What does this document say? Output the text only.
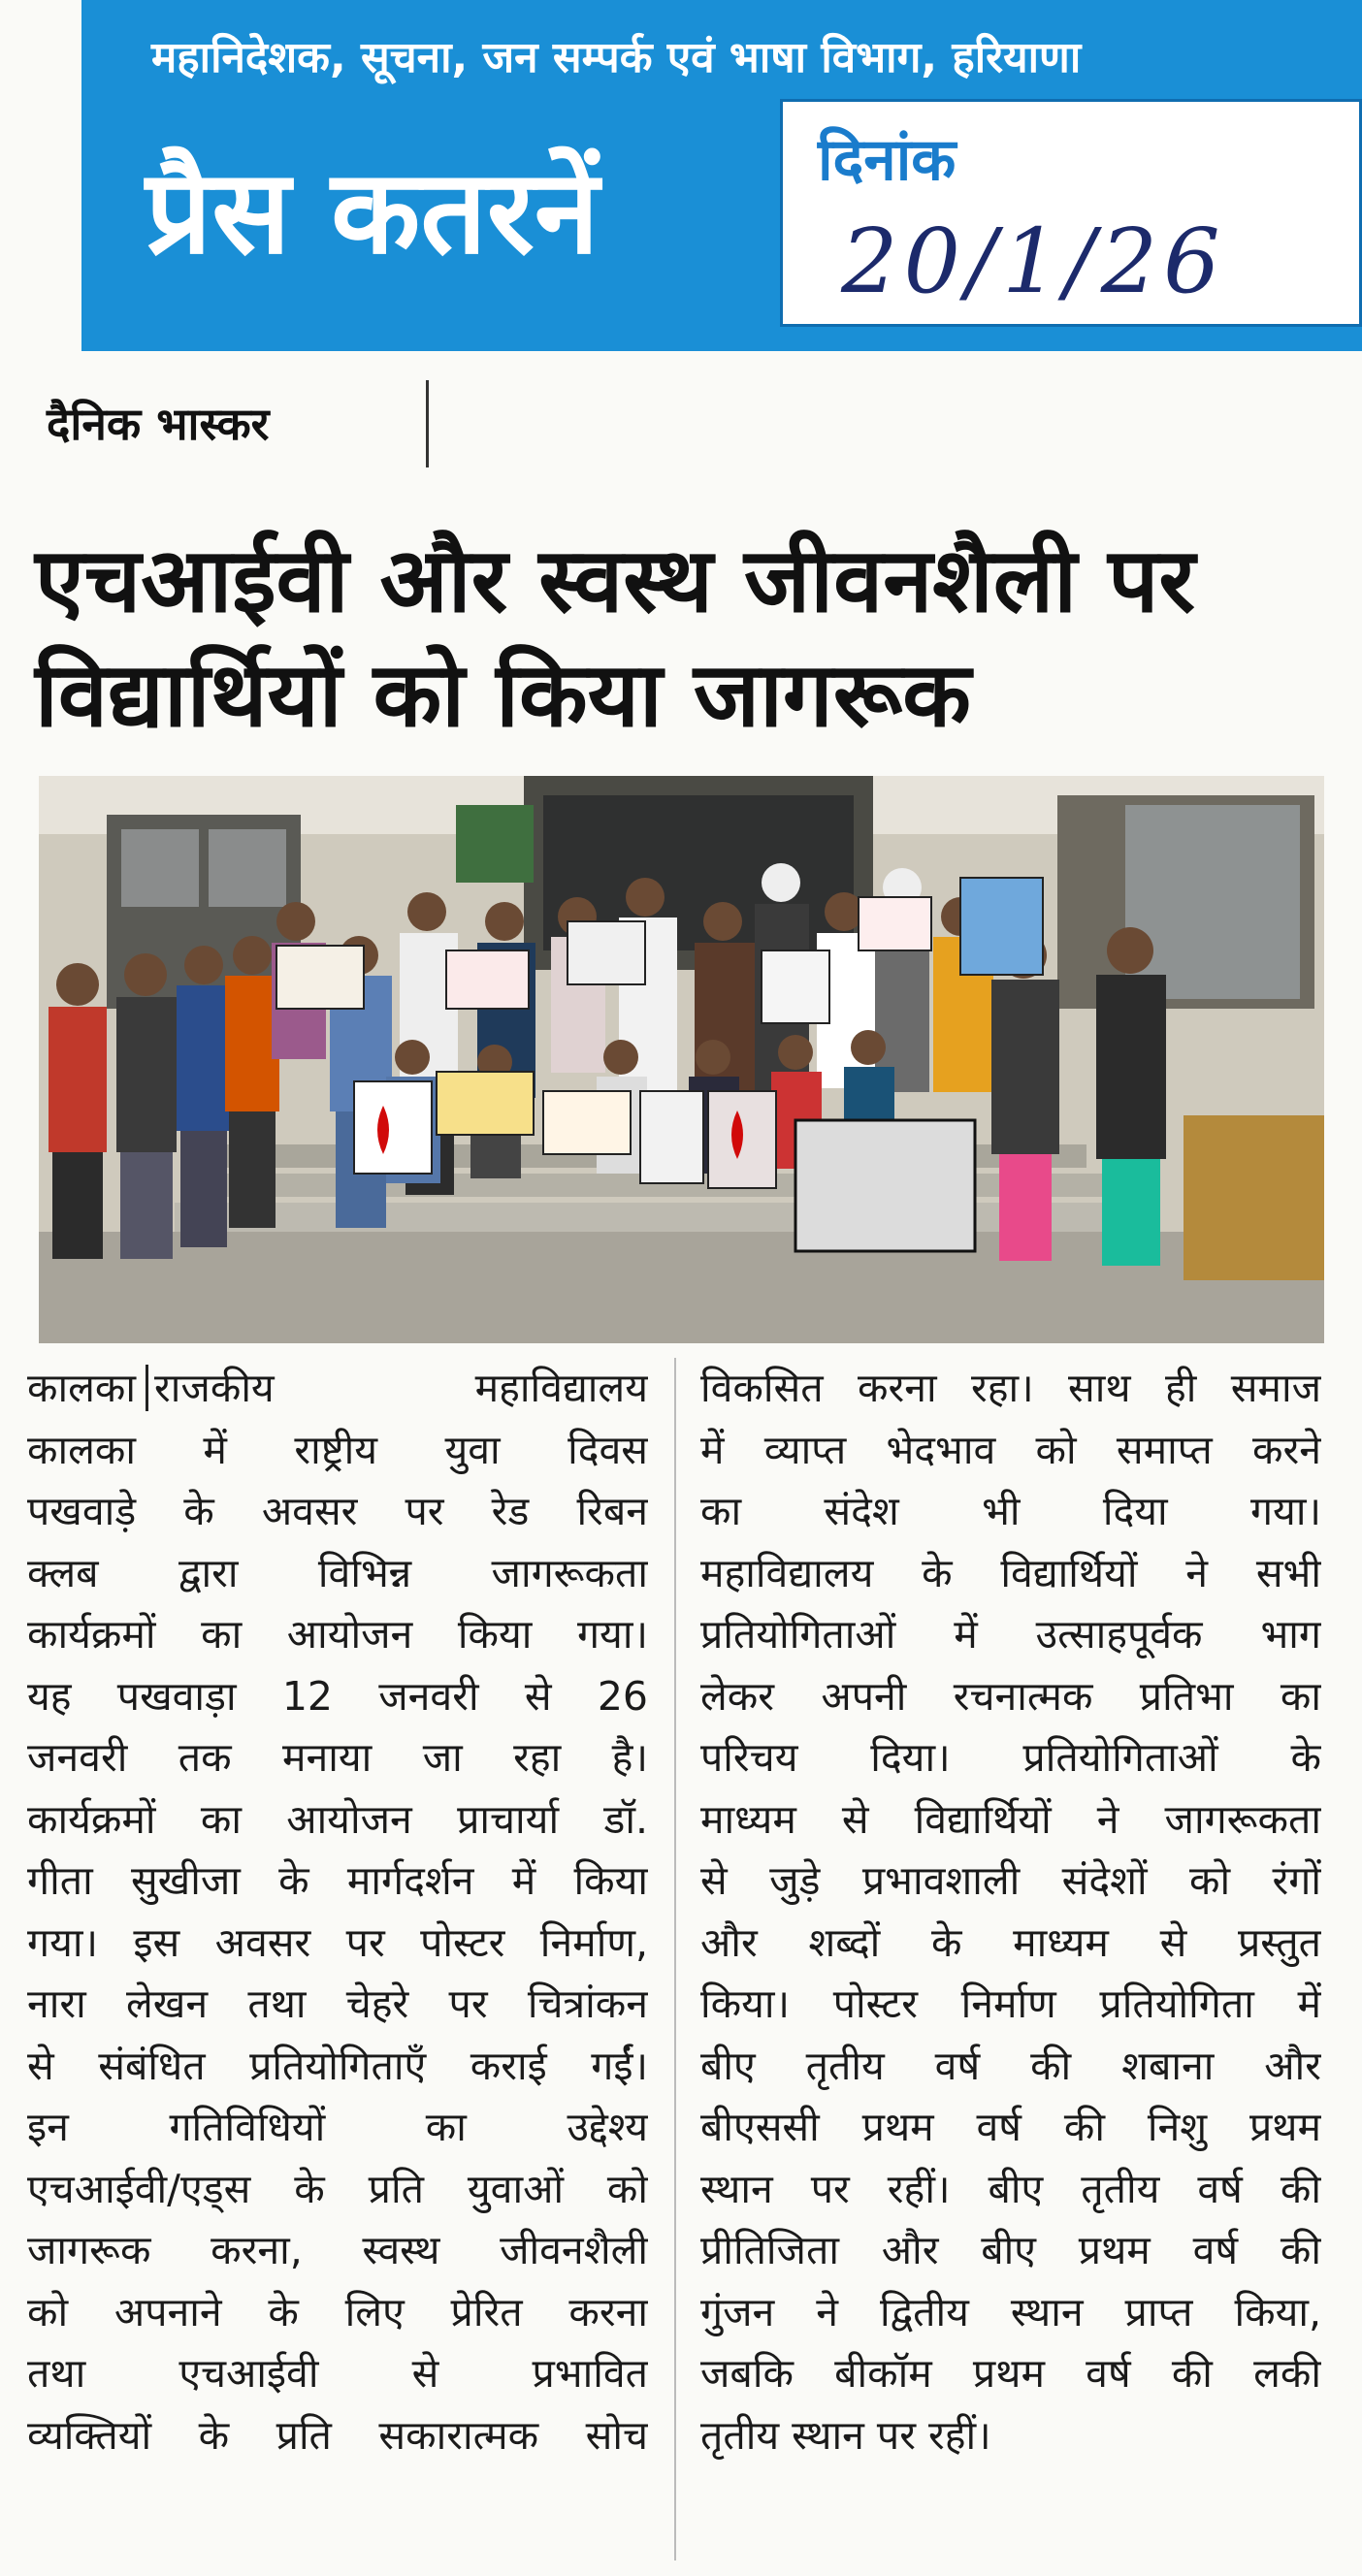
महानिदेशक, सूचना, जन सम्पर्क एवं भाषा विभाग, हरियाणा
प्रैस कतरनें	दिनांक
20/1/26
दैनिक भास्कर
एचआईवी और स्वस्थ जीवनशैली पर
विद्यार्थियों को किया जागरूक
कालका राजकीय महाविद्यालय
कालका में राष्ट्रीय युवा दिवस
पखवाड़े के अवसर पर रेड रिबन
क्लब द्वारा विभिन्न जागरूकता
कार्यक्रमों का आयोजन किया गया।
यह पखवाड़ा 12 जनवरी से 26
जनवरी तक मनाया जा रहा है।
कार्यक्रमों का आयोजन प्राचार्या डॉ.
गीता सुखीजा के मार्गदर्शन में किया
गया। इस अवसर पर पोस्टर निर्माण,
नारा लेखन तथा चेहरे पर चित्रांकन
से संबंधित प्रतियोगिताएँ कराई गईं।
इन गतिविधियों का उद्देश्य
एचआईवी/एड्स के प्रति युवाओं को
जागरूक करना, स्वस्थ जीवनशैली
को अपनाने के लिए प्रेरित करना
तथा एचआईवी से प्रभावित
व्यक्तियों के प्रति सकारात्मक सोच
विकसित करना रहा। साथ ही समाज
में व्याप्त भेदभाव को समाप्त करने
का संदेश भी दिया गया।
महाविद्यालय के विद्यार्थियों ने सभी
प्रतियोगिताओं में उत्साहपूर्वक भाग
लेकर अपनी रचनात्मक प्रतिभा का
परिचय दिया। प्रतियोगिताओं के
माध्यम से विद्यार्थियों ने जागरूकता
से जुड़े प्रभावशाली संदेशों को रंगों
और शब्दों के माध्यम से प्रस्तुत
किया। पोस्टर निर्माण प्रतियोगिता में
बीए तृतीय वर्ष की शबाना और
बीएससी प्रथम वर्ष की निशु प्रथम
स्थान पर रहीं। बीए तृतीय वर्ष की
प्रीतिजिता और बीए प्रथम वर्ष की
गुंजन ने द्वितीय स्थान प्राप्त किया,
जबकि बीकॉम प्रथम वर्ष की लकी
तृतीय स्थान पर रहीं।
